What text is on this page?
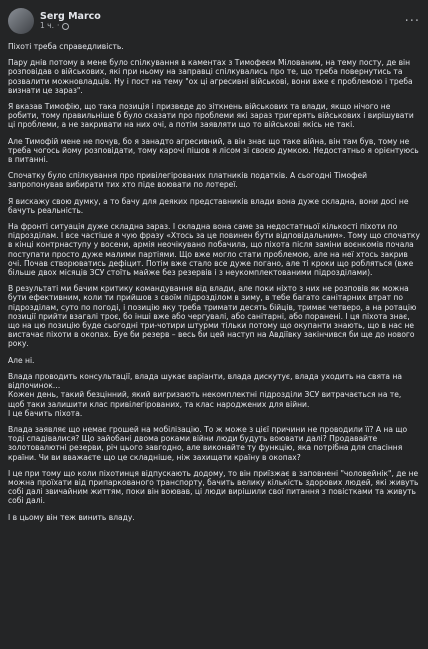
Serg Marco
1 ч. ·	···

Піхоті треба справедливість.

Пару днів потому в мене було спілкування в каментах з Тимофеєм Мілованим, на тему посту, де він розповідав о військових, які при ньому на заправці спілкувались про те, що треба повернутись та розвалити можновладців. Ну і пост на тему "ох ці агресивні військові, вони вже є проблемою і треба визнати це зараз".

Я вказав Тимофію, що така позиція і призведе до зіткнень військових та влади, якщо нічого не робити, тому правильніше б було сказати про проблеми які зараз тригерять військових і вирішувати ці проблеми, а не закривати на них очі, а потім заявляти що то військові якісь не такі.

Але Тимофій мене не почув, бо я занадто агресивний, а він знає що таке війна, він там був, тому не треба чогось йому розповідати, тому карочі пішов я лісом зі своєю думкою. Недостатньо я орієнтуюсь в питанні.

Спочатку було спілкування про привілегірованих платників податків. А сьогодні Тімофей запропонував вибирати тих хто піде воювати по лотереї.

Я вискажу свою думку, а то бачу для деяких представників влади вона дуже складна, вони досі не бачуть реальність.

На фронті ситуація дуже складна зараз. І складна вона саме за недостатньої кількості піхоти по підрозділам. І все частіше я чую фразу «Хтось за це повинен бути відповідальним». Тому що спочатку в кінці контрнаступу у восени, армія неочікувано побачила, що піхота після заміни воєнкомів почала поступати просто дуже малими партіями. Що вже могло стати проблемою, але на неї хтось закрив очі. Почав створюватись дефіцит. Потім вже стало все дуже погано, але ті кроки що робляться (вже більше двох місяців ЗСУ стоїть майже без резервів і з неукомплектованими підрозділами).

В результаті ми бачим критику командування від влади, але поки ніхто з них не розповів як можна бути ефективним, коли ти прийшов з своїм підрозділом в зиму, в тебе багато санітарних втрат по підрозділам, суто по погоді, і позицію яку треба тримати десять бійців, тримає четверо, а на ротацію позиції прийти взагалі троє, бо інші вже або чергувалі, або санітарні, або поранені. І ця піхота знає, що на цю позицію буде сьогодні три-чотири штурми тільки потому що окупанти знають, що в нас не вистачає піхоти в окопах. Буе би резерв – весь би цей наступ на Авдіївку закінчився би ще до нового року.

Але ні.

Влада проводить консультації, влада шукає варіанти, влада дискутує, влада уходить на свята на відпочинок…

Кожен день, такий безцінний, який вигризають некомплектні підрозділи ЗСУ витрачається на те, щоб таки залишити клас привілегірованих, та клас народжених для війни.

І це бачить піхота.

Влада заявляє що немає грошей на мобілізацію. То ж може з цієї причини не проводили її? А на що тоді спадівалися? Що зайобані двома роками війни люди будуть воювати далі? Продавайте золотовалютні резерви, річ цього завгодно, але виконайте ту функцію, яка потрібна для спасіння країни. Чи ви вважаєте що це складніше, ніж захищати країну в окопах?

І це при тому що коли піхотинця відпускають додому, то він приїзжає в заповнені "чоловейнік", де не можна проїхати від припаркованого транспорту, бачить велику кількість здорових людей, які живуть собі далі звичайним життям, поки він воював, ці люди вирішили свої питання з повістками та живуть собі далі.

І в цьому він теж винить владу.
